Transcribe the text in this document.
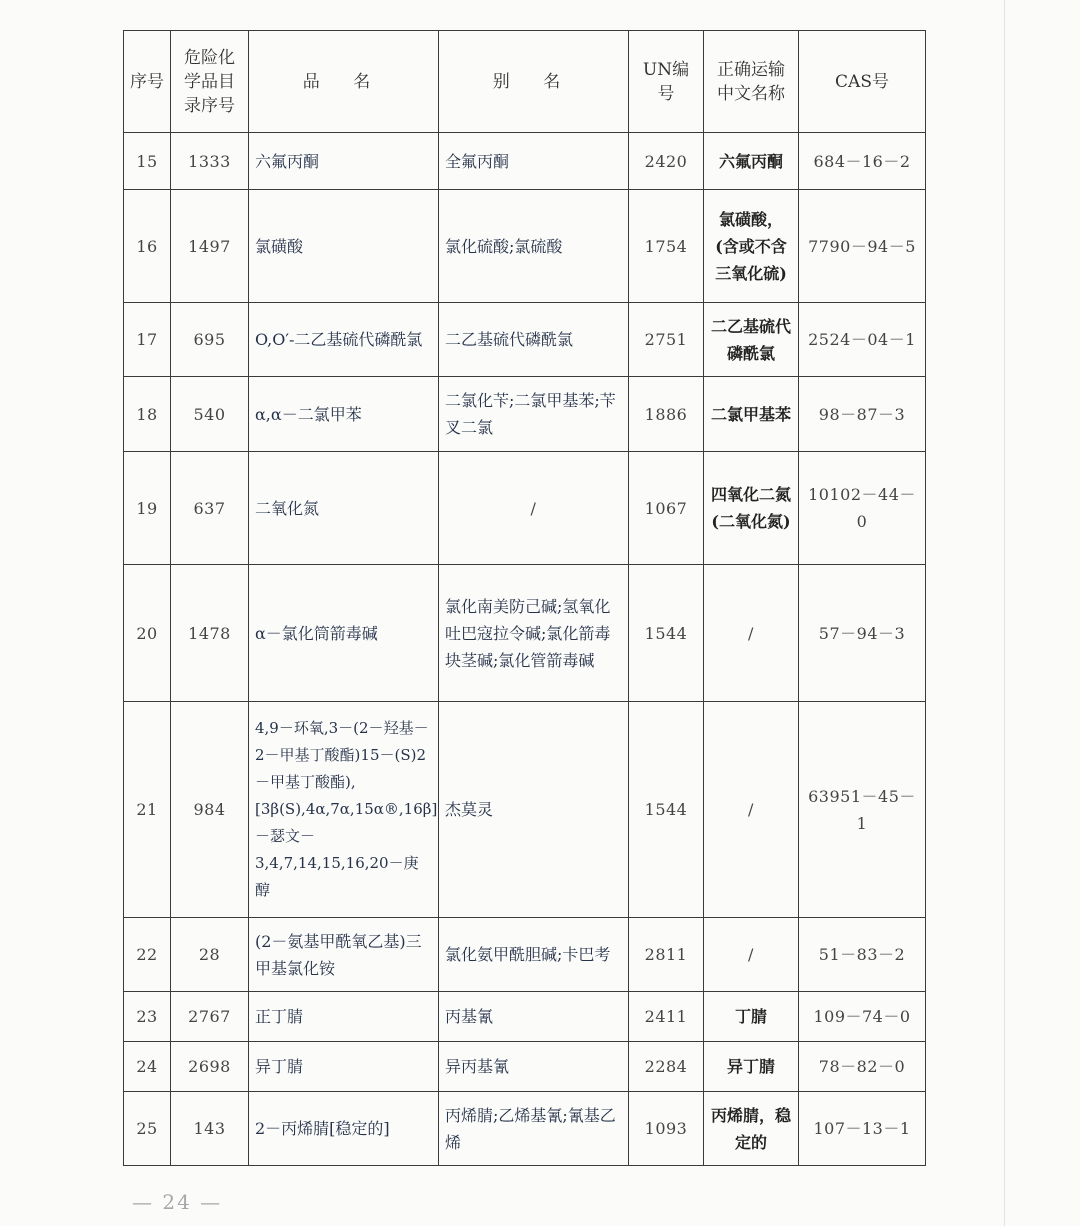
序号	危险化学品目录序号	品 名	别 名	UN编号	正确运输中文名称	CAS号
15	1333	六氟丙酮	全氟丙酮	2420	六氟丙酮	684－16－2
16	1497	氯磺酸	氯化硫酸;氯硫酸	1754	氯磺酸，(含或不含三氧化硫)	7790－94－5
17	695	O,O′-二乙基硫代磷酰氯	二乙基硫代磷酰氯	2751	二乙基硫代磷酰氯	2524－04－1
18	540	α,α－二氯甲苯	二氯化苄;二氯甲基苯;苄叉二氯	1886	二氯甲基苯	98－87－3
19	637	二氧化氮	/	1067	四氧化二氮(二氧化氮)	10102－44－0
20	1478	α－氯化筒箭毒碱	氯化南美防己碱;氢氧化吐巴寇拉令碱;氯化箭毒块茎碱;氯化管箭毒碱	1544	/	57－94－3
21	984	4,9－环氧,3－(2－羟基－2－甲基丁酸酯)15－(S)2－甲基丁酸酯),[3β(S),4α,7α,15α®,16β]－瑟文－3,4,7,14,15,16,20－庚醇	杰莫灵	1544	/	63951－45－1
22	28	(2－氨基甲酰氧乙基)三甲基氯化铵	氯化氨甲酰胆碱;卡巴考	2811	/	51－83－2
23	2767	正丁腈	丙基氰	2411	丁腈	109－74－0
24	2698	异丁腈	异丙基氰	2284	异丁腈	78－82－0
25	143	2－丙烯腈[稳定的]	丙烯腈;乙烯基氰;氰基乙烯	1093	丙烯腈，稳定的	107－13－1
— 24 —
